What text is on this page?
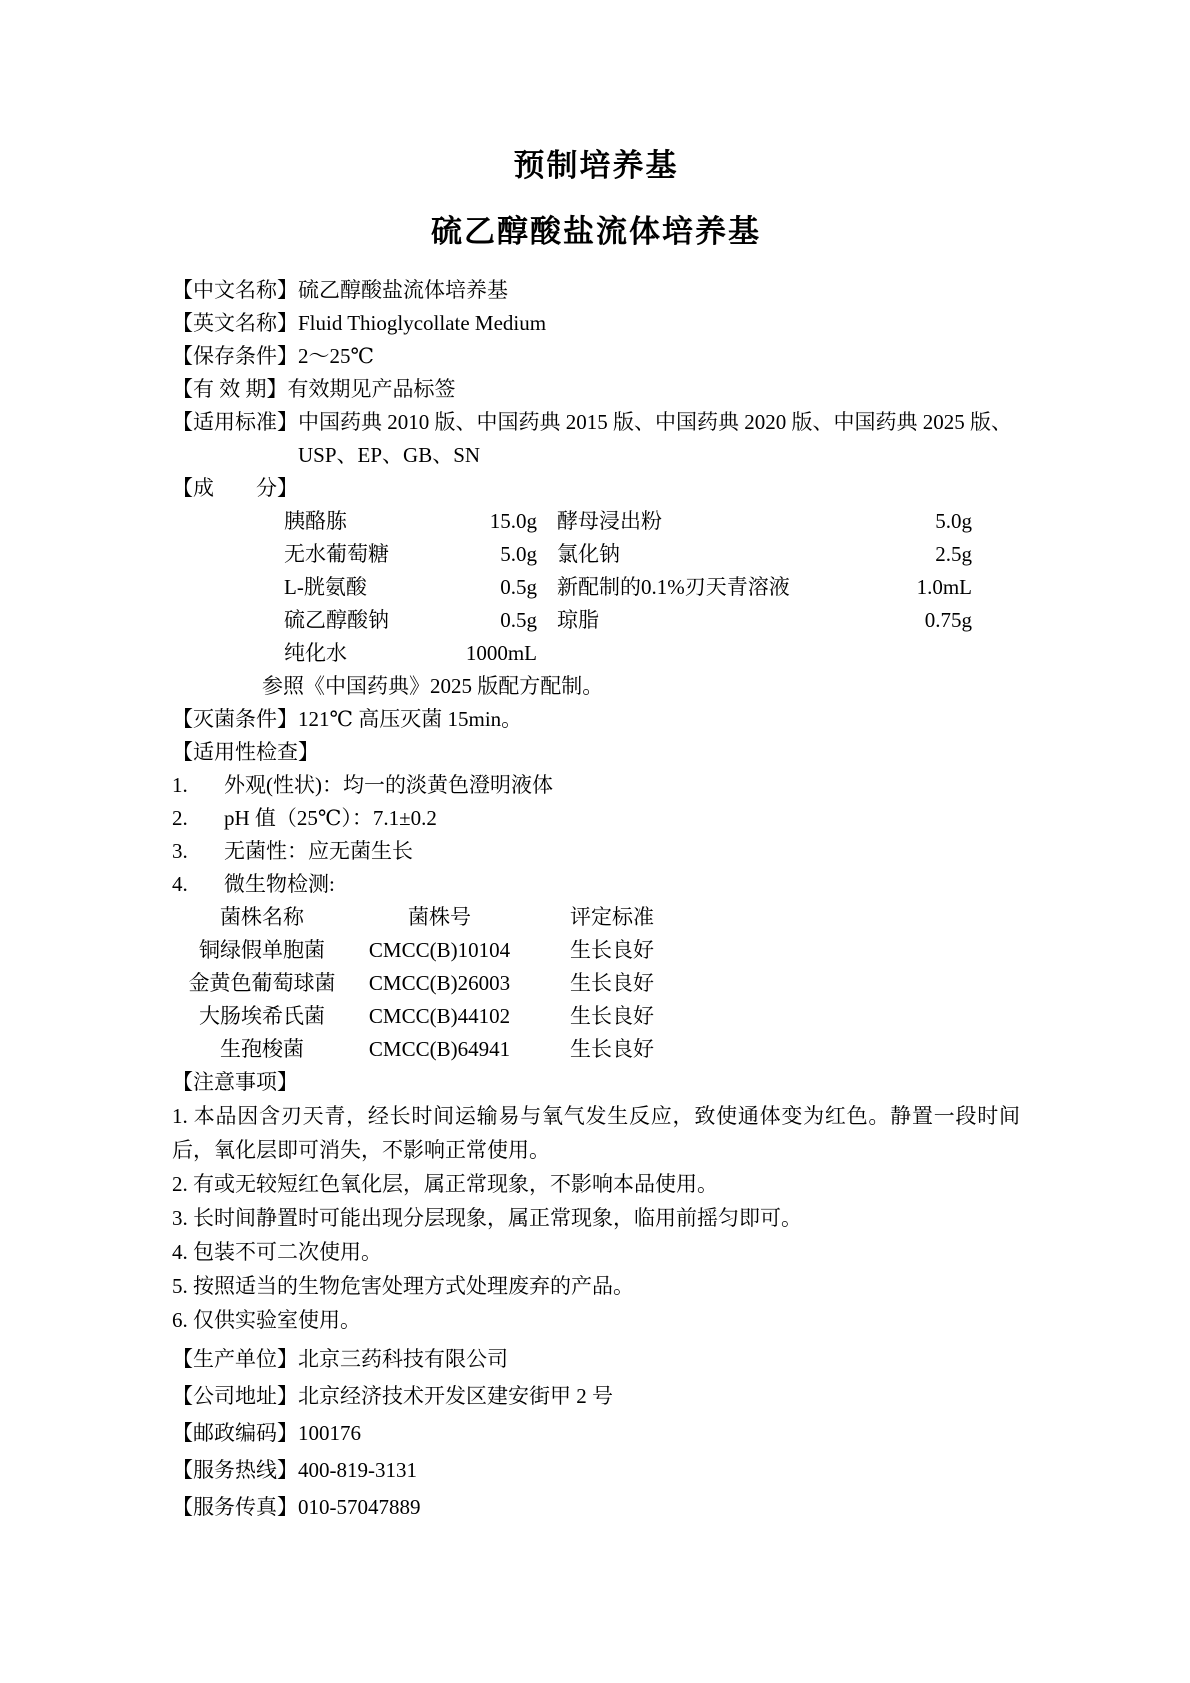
预制培养基
硫乙醇酸盐流体培养基
【中文名称】 硫乙醇酸盐流体培养基
【英文名称】 Fluid Thioglycollate Medium
【保存条件】 2～25℃
【有 效 期】 有效期见产品标签
【适用标准】 中国药典 2010 版、中国药典 2015 版、中国药典 2020 版、中国药典 2025 版、
USP、EP、GB、SN
【成　　分】
胰酪胨	15.0g 酵母浸出粉	5.0g
无水葡萄糖	5.0g 氯化钠	2.5g
L-胱氨酸	0.5g 新配制的0.1%刃天青溶液	1.0mL
硫乙醇酸钠	0.5g 琼脂	0.75g
纯化水	1000mL
参照《中国药典》2025 版配方配制。
【灭菌条件】 121℃ 高压灭菌 15min。
【适用性检查】
1.	外观(性状)：均一的淡黄色澄明液体
2.	pH 值（25℃）：7.1±0.2
3.	无菌性：应无菌生长
4.	微生物检测:
菌株名称	菌株号	评定标准
铜绿假单胞菌	CMCC(B)10104	生长良好
金黄色葡萄球菌	CMCC(B)26003	生长良好
大肠埃希氏菌	CMCC(B)44102	生长良好
生孢梭菌	CMCC(B)64941	生长良好
【注意事项】

1. 本品因含刃天青，经长时间运输易与氧气发生反应，致使通体变为红色。静置一段时间后，氧化层即可消失，不影响正常使用。

2. 有或无较短红色氧化层，属正常现象，不影响本品使用。

3. 长时间静置时可能出现分层现象，属正常现象，临用前摇匀即可。

4. 包装不可二次使用。

5. 按照适当的生物危害处理方式处理废弃的产品。

6. 仅供实验室使用。

【生产单位】 北京三药科技有限公司
【公司地址】 北京经济技术开发区建安街甲 2 号
【邮政编码】 100176
【服务热线】 400-819-3131
【服务传真】 010-57047889
